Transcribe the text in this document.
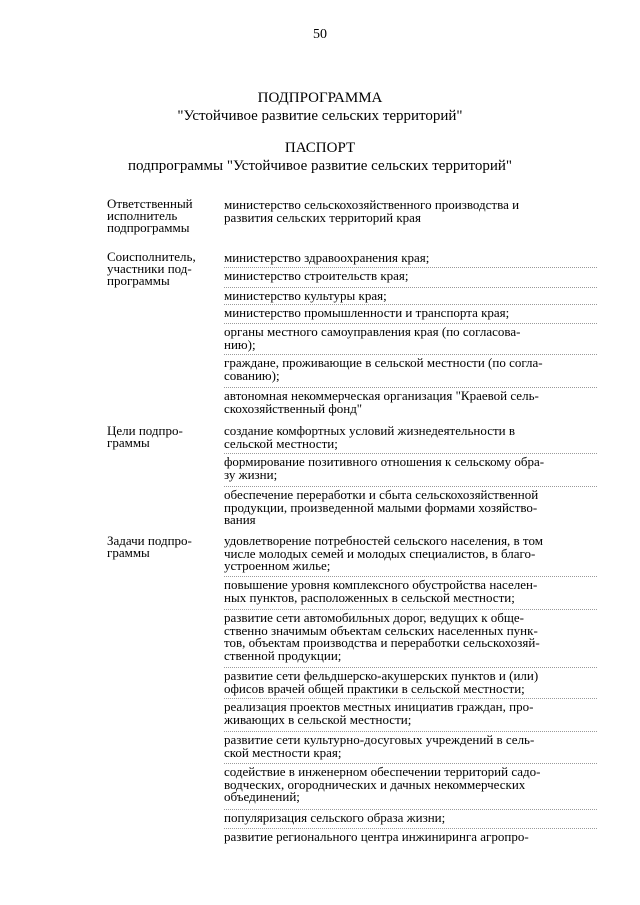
50
ПОДПРОГРАММА
"Устойчивое развитие сельских территорий"
ПАСПОРТ
подпрограммы "Устойчивое развитие сельских территорий"
Ответственный
исполнитель
подпрограммы
министерство сельскохозяйственного производства и
развития сельских территорий края
Соисполнитель,
участники под-
программы
министерство здравоохранения края;
министерство строительств края;
министерство культуры края;
министерство промышленности и транспорта края;
органы местного самоуправления края (по согласова-
нию);
граждане, проживающие в сельской местности (по согла-
сованию);
автономная некоммерческая организация "Краевой сель-
скохозяйственный фонд"
Цели подпро-
граммы
создание комфортных условий жизнедеятельности в
сельской местности;
формирование позитивного отношения к сельскому обра-
зу жизни;
обеспечение переработки и сбыта сельскохозяйственной
продукции, произведенной малыми формами хозяйство-
вания
Задачи подпро-
граммы
удовлетворение потребностей сельского населения, в том
числе молодых семей и молодых специалистов, в благо-
устроенном жилье;
повышение уровня комплексного обустройства населен-
ных пунктов, расположенных в сельской местности;
развитие сети автомобильных дорог, ведущих к обще-
ственно значимым объектам сельских населенных пунк-
тов, объектам производства и переработки сельскохозяй-
ственной продукции;
развитие сети фельдшерско-акушерских пунктов и (или)
офисов врачей общей практики в сельской местности;
реализация проектов местных инициатив граждан, про-
живающих в сельской местности;
развитие сети культурно-досуговых учреждений в сель-
ской местности края;
содействие в инженерном обеспечении территорий садо-
водческих, огороднических и дачных некоммерческих
объединений;
популяризация сельского образа жизни;
развитие регионального центра инжиниринга агропро-
